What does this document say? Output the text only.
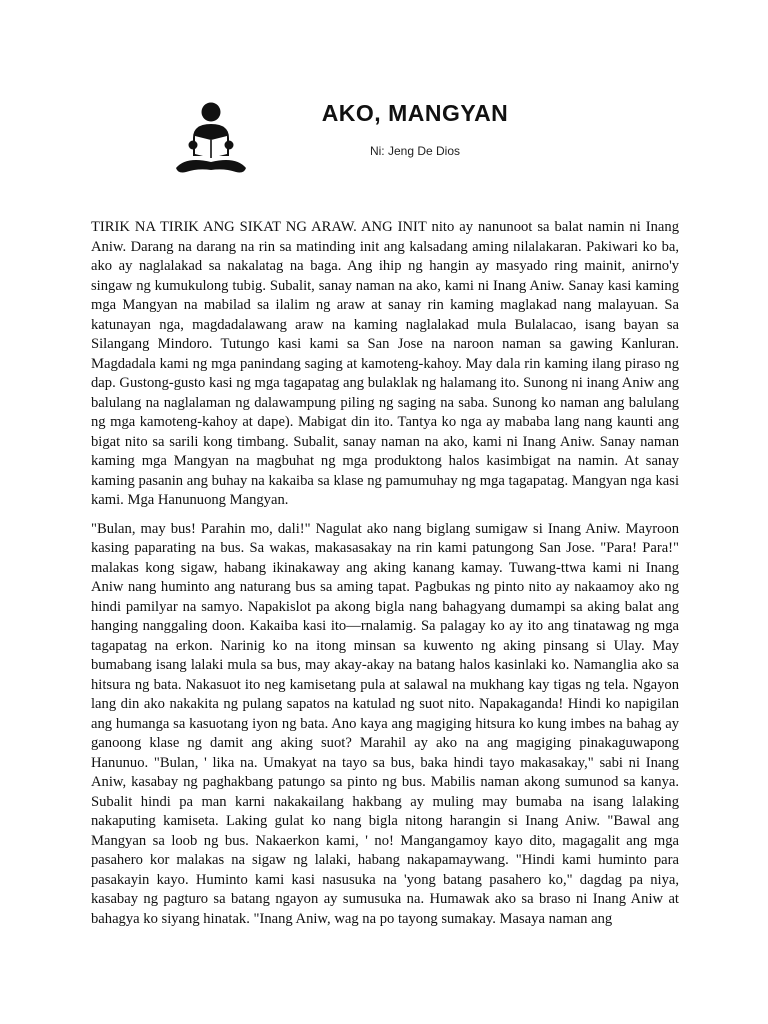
AKO, MANGYAN
Ni: Jeng De Dios

TIRIK NA TIRIK ANG SIKAT NG ARAW. ANG INIT nito ay nanunoot sa balat namin ni Inang Aniw. Darang na darang na rin sa matinding init ang kalsadang aming nilalakaran. Pakiwari ko ba, ako ay naglalakad sa nakalatag na baga. Ang ihip ng hangin ay masyado ring mainit, anirno'y singaw ng kumukulong tubig. Subalit, sanay naman na ako, kami ni Inang Aniw. Sanay kasi kaming mga Mangyan na mabilad sa ilalim ng araw at sanay rin kaming maglakad nang malayuan. Sa katunayan nga, magdadalawang araw na kaming naglalakad mula Bulalacao, isang bayan sa Silangang Mindoro. Tutungo kasi kami sa San Jose na naroon naman sa gawing Kanluran. Magdadala kami ng mga panindang saging at kamoteng-kahoy. May dala rin kaming ilang piraso ng dap. Gustong-gusto kasi ng mga tagapatag ang bulaklak ng halamang ito. Sunong ni inang Aniw ang balulang na naglalaman ng dalawampung piling ng saging na saba. Sunong ko naman ang balulang ng mga kamoteng-kahoy at dape). Mabigat din ito. Tantya ko nga ay mababa lang nang kaunti ang bigat nito sa sarili kong timbang. Subalit, sanay naman na ako, kami ni Inang Aniw. Sanay naman kaming mga Mangyan na magbuhat ng mga produktong halos kasimbigat na namin. At sanay kaming pasanin ang buhay na kakaiba sa klase ng pamumuhay ng mga tagapatag. Mangyan nga kasi kami. Mga Hanunuong Mangyan.

"Bulan, may bus! Parahin mo, dali!" Nagulat ako nang biglang sumigaw si Inang Aniw. Mayroon kasing paparating na bus. Sa wakas, makasasakay na rin kami patungong San Jose. "Para! Para!" malakas kong sigaw, habang ikinakaway ang aking kanang kamay. Tuwang-ttwa kami ni Inang Aniw nang huminto ang naturang bus sa aming tapat. Pagbukas ng pinto nito ay nakaamoy ako ng hindi pamilyar na samyo. Napakislot pa akong bigla nang bahagyang dumampi sa aking balat ang hanging nanggaling doon. Kakaiba kasi ito—rnalamig. Sa palagay ko ay ito ang tinatawag ng mga tagapatag na erkon. Narinig ko na itong minsan sa kuwento ng aking pinsang si Ulay. May bumabang isang lalaki mula sa bus, may akay-akay na batang halos kasinlaki ko. Namanglia ako sa hitsura ng bata. Nakasuot ito neg kamisetang pula at salawal na mukhang kay tigas ng tela. Ngayon lang din ako nakakita ng pulang sapatos na katulad ng suot nito. Napakaganda! Hindi ko napigilan ang humanga sa kasuotang iyon ng bata. Ano kaya ang magiging hitsura ko kung imbes na bahag ay ganoong klase ng damit ang aking suot? Marahil ay ako na ang magiging pinakaguwapong Hanunuo. "Bulan, ' lika na. Umakyat na tayo sa bus, baka hindi tayo makasakay," sabi ni Inang Aniw, kasabay ng paghakbang patungo sa pinto ng bus. Mabilis naman akong sumunod sa kanya. Subalit hindi pa man karni nakakailang hakbang ay muling may bumaba na isang lalaking nakaputing kamiseta. Laking gulat ko nang bigla nitong harangin si Inang Aniw. "Bawal ang Mangyan sa loob ng bus. Nakaerkon kami, ' no! Mangangamoy kayo dito, magagalit ang mga pasahero kor malakas na sigaw ng lalaki, habang nakapamaywang. "Hindi kami huminto para pasakayin kayo. Huminto kami kasi nasusuka na 'yong batang pasahero ko," dagdag pa niya, kasabay ng pagturo sa batang ngayon ay sumusuka na. Humawak ako sa braso ni Inang Aniw at bahagya ko siyang hinatak. "Inang Aniw, wag na po tayong sumakay. Masaya naman ang
